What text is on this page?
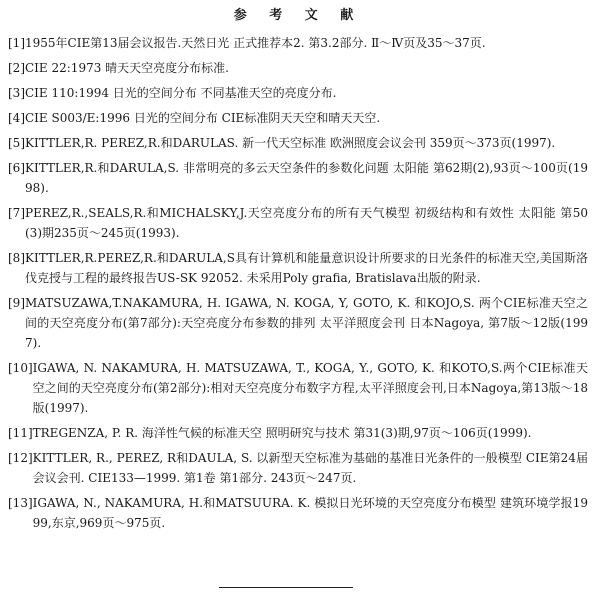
参 考 文 献
[1] 1955年CIE第13届会议报告.天然日光 正式推荐本2. 第3.2部分. Ⅱ～Ⅳ页及35～37页.
[2] CIE 22:1973 晴天天空亮度分布标准.
[3] CIE 110:1994 日光的空间分布 不同基准天空的亮度分布.
[4] CIE S003/E:1996 日光的空间分布 CIE标准阴天天空和晴天天空.
[5] KITTLER,R. PEREZ,R.和DARULAS. 新一代天空标准 欧洲照度会议会刊 359页～373页(1997).
[6] KITTLER,R.和DARULA,S. 非常明亮的多云天空条件的参数化问题 太阳能 第62期(2),93页～100页(1998).
[7] PEREZ,R.,SEALS,R.和MICHALSKY,J.天空亮度分布的所有天气模型 初级结构和有效性 太阳能 第50(3)期235页～245页(1993).
[8] KITTLER,R.PEREZ,R.和DARULA,S具有计算机和能量意识设计所要求的日光条件的标准天空,美国斯洛伐克授与工程的最终报告US-SK 92052. 未采用Poly grafia, Bratislava出版的附录.
[9] MATSUZAWA,T.NAKAMURA, H. IGAWA, N. KOGA, Y, GOTO, K. 和KOJO,S. 两个CIE标准天空之间的天空亮度分布(第7部分):天空亮度分布参数的排列 太平洋照度会刊 日本Nagoya, 第7版～12版(1997).
[10] IGAWA, N. NAKAMURA, H. MATSUZAWA, T., KOGA, Y., GOTO, K. 和KOTO,S.两个CIE标准天空之间的天空亮度分布(第2部分):相对天空亮度分布数字方程,太平洋照度会刊,日本Nagoya,第13版～18版(1997).
[11] TREGENZA, P. R. 海洋性气候的标准天空 照明研究与技术 第31(3)期,97页～106页(1999).
[12] KITTLER, R., PEREZ, R和DAULA, S. 以新型天空标准为基础的基准日光条件的一般模型 CIE第24届会议会刊. CIE133—1999. 第1卷 第1部分. 243页～247页.
[13] IGAWA, N., NAKAMURA, H.和MATSUURA. K. 模拟日光环境的天空亮度分布模型 建筑环境学报1999,东京,969页～975页.
